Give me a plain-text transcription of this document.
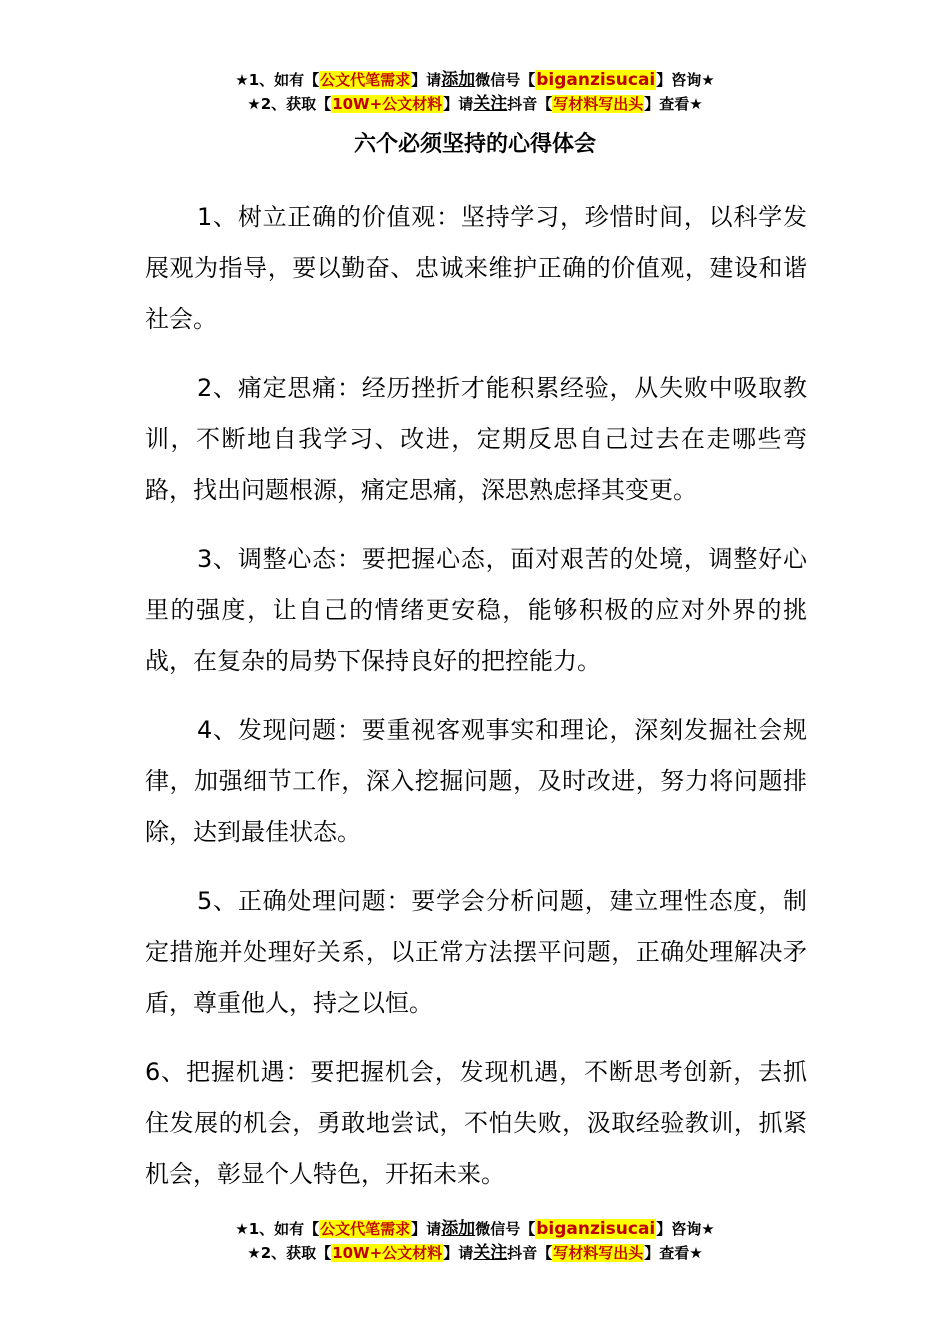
★1、如有【公文代笔需求】请添加微信号【biganzisucai】咨询★
★2、获取【10W+公文材料】请关注抖音【写材料写出头】查看★
六个必须坚持的心得体会

1、树立正确的价值观：坚持学习，珍惜时间，以科学发展观为指导，要以勤奋、忠诚来维护正确的价值观，建设和谐社会。

2、痛定思痛：经历挫折才能积累经验，从失败中吸取教训，不断地自我学习、改进，定期反思自己过去在走哪些弯路，找出问题根源，痛定思痛，深思熟虑择其变更。

3、调整心态：要把握心态，面对艰苦的处境，调整好心里的强度，让自己的情绪更安稳，能够积极的应对外界的挑战，在复杂的局势下保持良好的把控能力。

4、发现问题：要重视客观事实和理论，深刻发掘社会规律，加强细节工作，深入挖掘问题，及时改进，努力将问题排除，达到最佳状态。

5、正确处理问题：要学会分析问题，建立理性态度，制定措施并处理好关系，以正常方法摆平问题，正确处理解决矛盾，尊重他人，持之以恒。

6、把握机遇：要把握机会，发现机遇，不断思考创新，去抓住发展的机会，勇敢地尝试，不怕失败，汲取经验教训，抓紧机会，彰显个人特色，开拓未来。

★1、如有【公文代笔需求】请添加微信号【biganzisucai】咨询★
★2、获取【10W+公文材料】请关注抖音【写材料写出头】查看★
